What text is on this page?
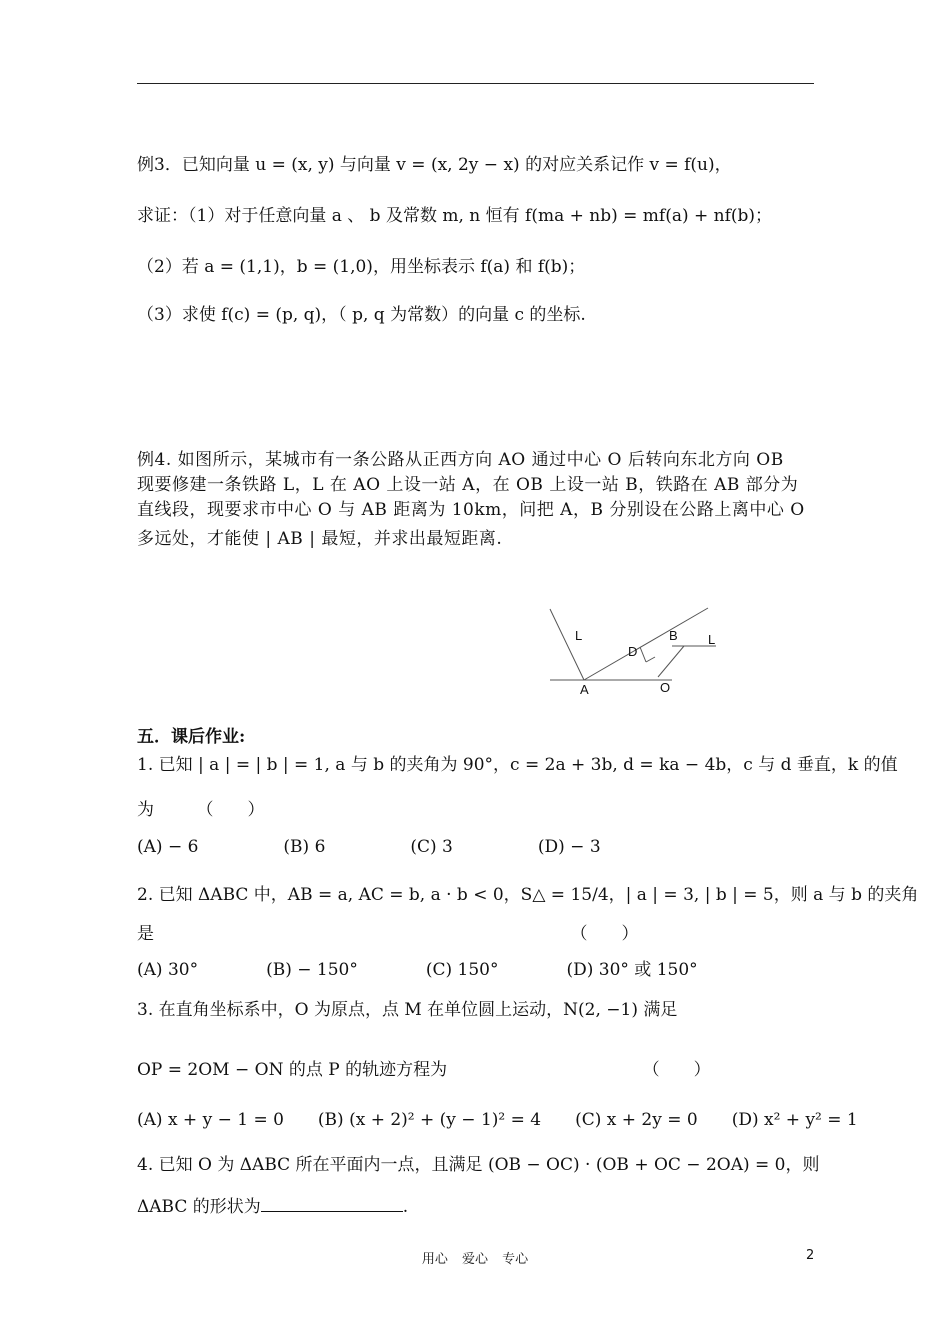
例3．已知向量 u = (x, y) 与向量 v = (x, 2y − x) 的对应关系记作 v = f(u)，
求证：（1）对于任意向量 a 、 b 及常数 m, n 恒有 f(ma + nb) = mf(a) + nf(b)；
（2）若 a = (1,1)，b = (1,0)，用坐标表示 f(a) 和 f(b)；
（3）求使 f(c) = (p, q)，（ p, q 为常数）的向量 c 的坐标.
例4. 如图所示，某城市有一条公路从正西方向 AO 通过中心 O 后转向东北方向 OB
现要修建一条铁路 L，L 在 AO 上设一站 A，在 OB 上设一站 B，铁路在 AB 部分为
直线段，现要求市中心 O 与 AB 距离为 10km，问把 A，B 分别设在公路上离中心 O
多远处，才能使 | AB | 最短，并求出最短距离.
L	B L
D
A	O
五．课后作业:
1. 已知 | a | = | b | = 1, a 与 b 的夹角为 90°，c = 2a + 3b, d = ka − 4b，c 与 d 垂直，k 的值
为　　　（　　）
(A) − 6　　　　　(B) 6　　　　　(C) 3　　　　　(D) − 3
2. 已知 ΔABC 中，AB = a, AC = b, a · b < 0，S△ = 15/4，| a | = 3, | b | = 5，则 a 与 b 的夹角
是　　　　　　　　　　　　　　　　　　　　　　　　　（　　）
(A) 30°　　　　(B) − 150°　　　　(C) 150°　　　　(D) 30° 或 150°
3. 在直角坐标系中，O 为原点，点 M 在单位圆上运动，N(2, −1) 满足
OP = 2OM − ON 的点 P 的轨迹方程为　　　　　　　　　　　　（　　）
(A) x + y − 1 = 0　　(B) (x + 2)² + (y − 1)² = 4　　(C) x + 2y = 0　　(D) x² + y² = 1
4. 已知 O 为 ΔABC 所在平面内一点，且满足 (OB − OC) · (OB + OC − 2OA) = 0，则
ΔABC 的形状为	.
用心 爱心 专心	2
